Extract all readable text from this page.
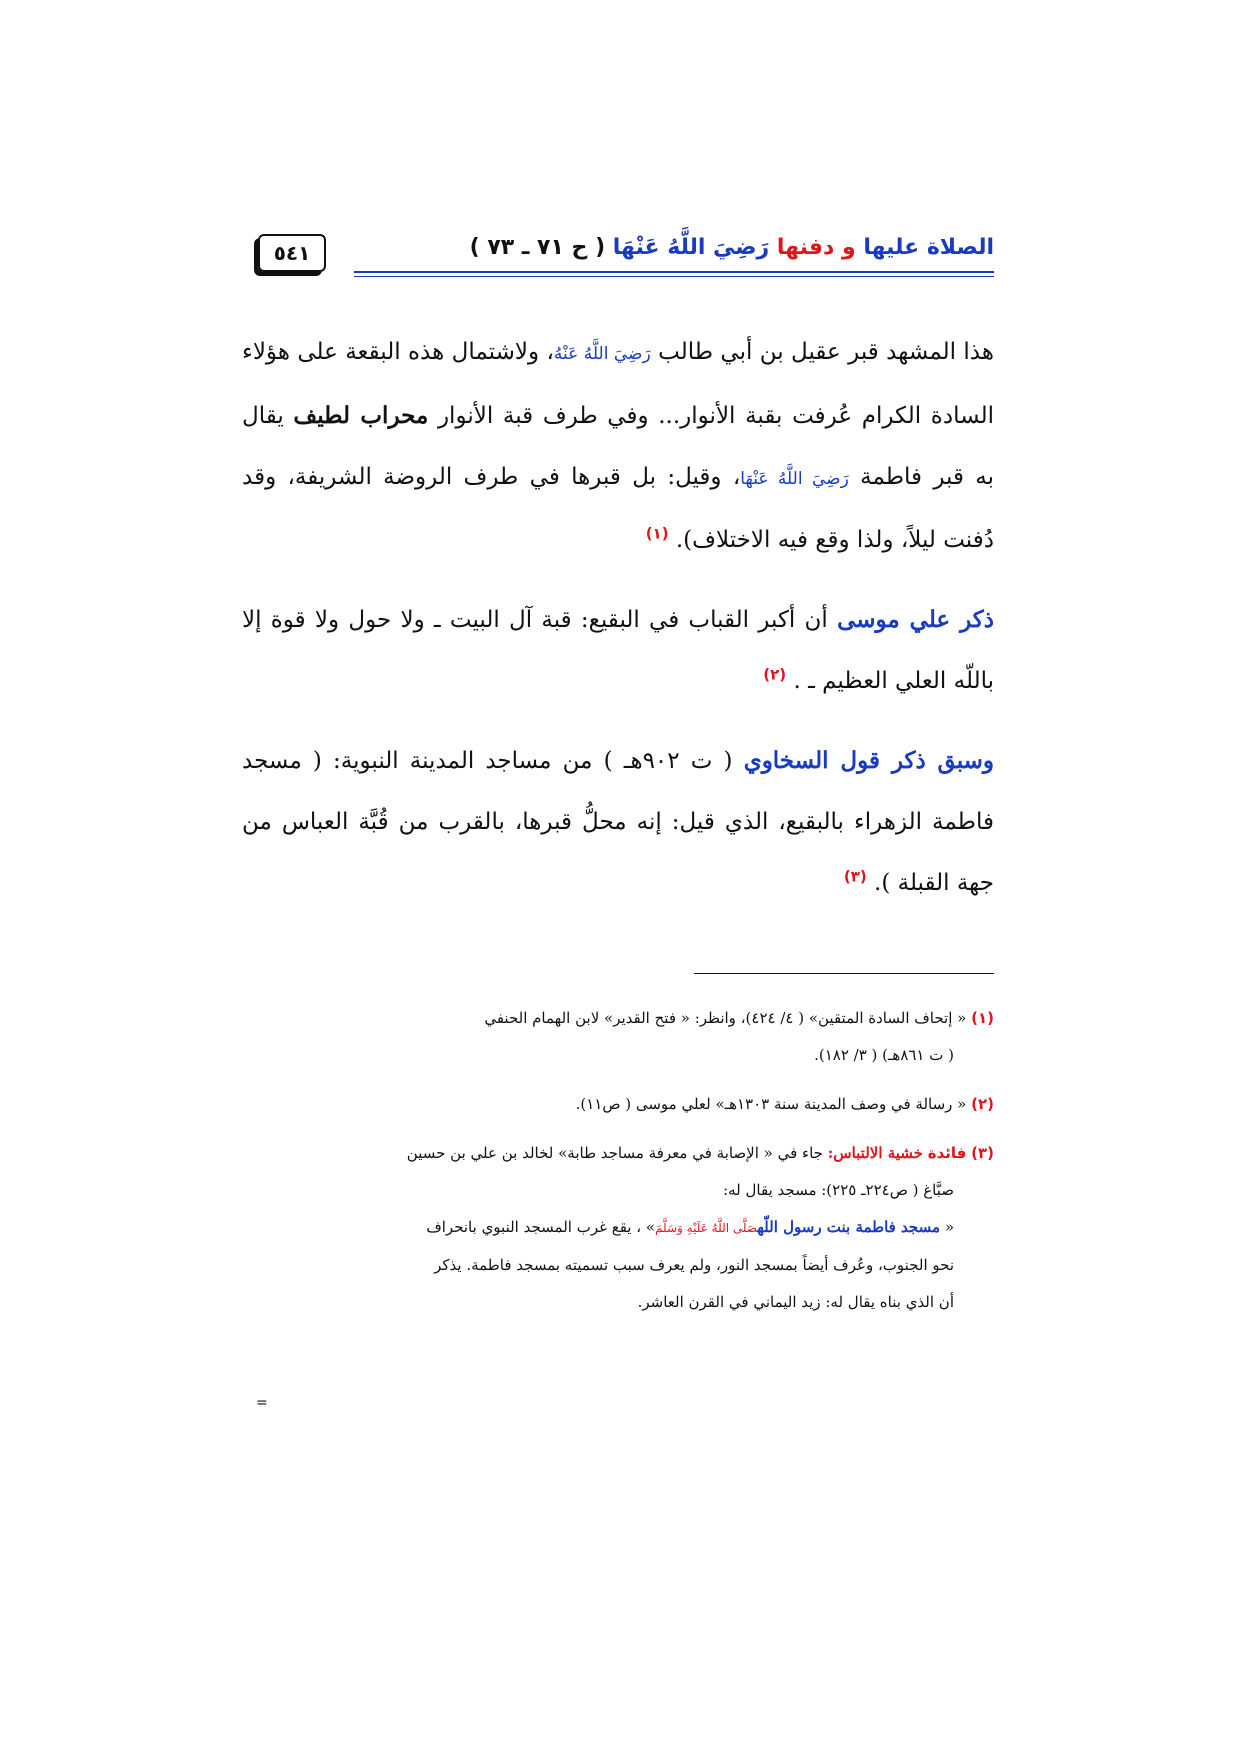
الصلاة عليها و دفنها رَضِيَ اللَّهُ عَنْهَا ( ح ٧١ ـ ٧٣ )
٥٤١

هذا المشهد قبر عقيل بن أبي طالب رَضِيَ اللَّهُ عَنْهُ، ولاشتمال هذه البقعة على هؤلاء السادة الكرام عُرفت بقبة الأنوار... وفي طرف قبة الأنوار محراب لطيف يقال به قبر فاطمة رَضِيَ اللَّهُ عَنْهَا، وقيل: بل قبرها في طرف الروضة الشريفة، وقد دُفنت ليلاً، ولذا وقع فيه الاختلاف). $^{(١)}$

ذكر علي موسى أن أكبر القباب في البقيع: قبة آل البيت ـ ولا حول ولا قوة إلا باللّه العلي العظيم ـ . $^{(٢)}$

وسبق ذكر قول السخاوي ( ت ٩٠٢هـ ) من مساجد المدينة النبوية: ( مسجد فاطمة الزهراء بالبقيع، الذي قيل: إنه محلُّ قبرها، بالقرب من قُبَّة العباس من جهة القبلة ). $^{(٣)}$

(١) « إتحاف السادة المتقين» ( ٤/ ٤٢٤)، وانظر: « فتح القدير» لابن الهمام الحنفي
( ت ٨٦١هـ) ( ٣/ ١٨٢).
(٢) « رسالة في وصف المدينة سنة ١٣٠٣هـ» لعلي موسى ( ص١١).
(٣) فائدة خشية الالتباس: جاء في « الإصابة في معرفة مساجد طابة» لخالد بن علي بن حسين
صبَّاغ ( ص٢٢٤ـ ٢٢٥): مسجد يقال له:
« مسجد فاطمة بنت رسول اللّهصَلَّى اللَّهُ عَلَيْهِ وَسَلَّمَ» ، يقع غرب المسجد النبوي بانحراف
نحو الجنوب، وعُرف أيضاً بمسجد النور، ولم يعرف سبب تسميته بمسجد فاطمة. يذكر
أن الذي بناه يقال له: زيد اليماني في القرن العاشر.
=
